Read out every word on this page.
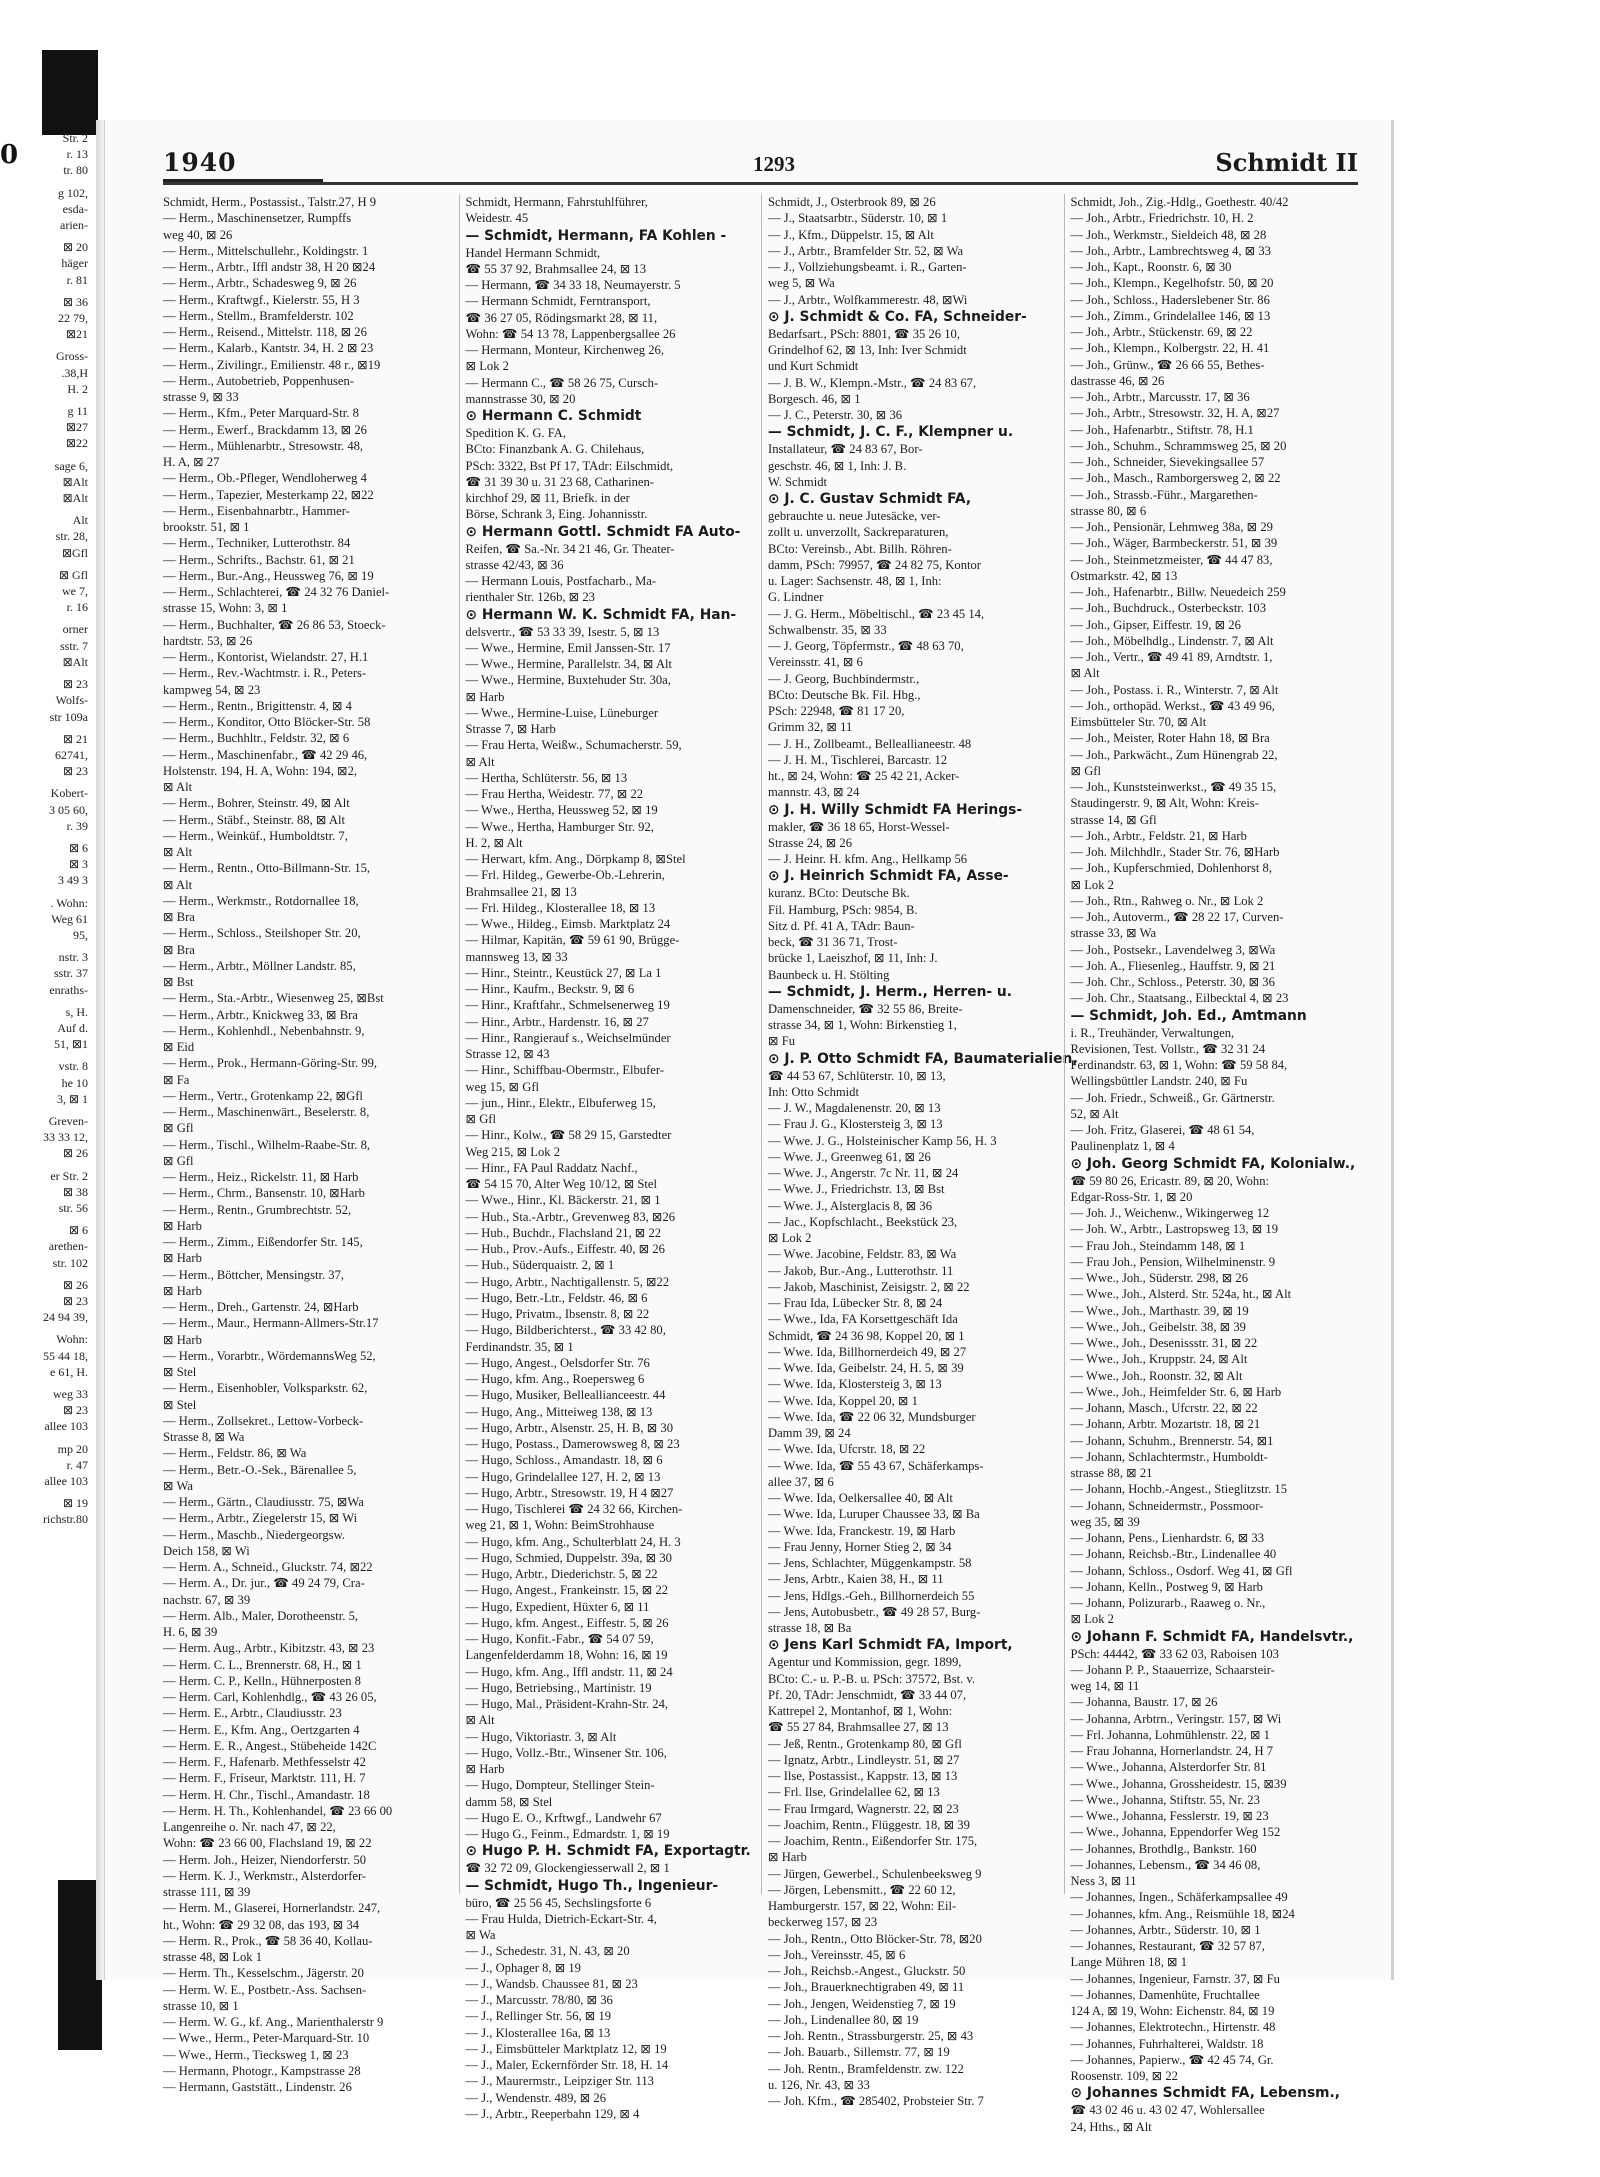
Str. 2
r. 13
tr. 80
g 102,
esda-
arien-
⊠ 20
häger
r. 81
⊠ 36
22 79,
⊠21
Gross-
.38,H
H. 2
g 11
⊠27
⊠22
sage 6,
⊠Alt
⊠Alt
Alt
str. 28,
⊠Gfl
⊠ Gfl
we 7,
r. 16
orner
sstr. 7
⊠Alt
⊠ 23
Wolfs-
str 109a
⊠ 21
62741,
⊠ 23
Kobert-
3 05 60,
r. 39
⊠ 6
⊠ 3
3 49 3
. Wohn:
Weg 61
95,
nstr. 3
sstr. 37
enraths-
s, H.
Auf d.
51, ⊠1
vstr. 8
he 10
3, ⊠ 1
Greven-
33 33 12,
⊠ 26
er Str. 2
⊠ 38
str. 56
⊠ 6
arethen-
str. 102
⊠ 26
⊠ 23
24 94 39,
Wohn:
55 44 18,
e 61, H.
weg 33
⊠ 23
allee 103
mp 20
r. 47
allee 103
⊠ 19
richstr.80
0	1940	1293	Schmidt II
Schmidt, Herm., Postassist., Talstr.27, H 9
— Herm., Maschinensetzer, Rumpffs
weg 40, ⊠ 26
— Herm., Mittelschullehr., Koldingstr. 1
— Herm., Arbtr., Iffl andstr 38, H 20 ⊠24
— Herm., Arbtr., Schadesweg 9, ⊠ 26
— Herm., Kraftwgf., Kielerstr. 55, H 3
— Herm., Stellm., Bramfelderstr. 102
— Herm., Reisend., Mittelstr. 118, ⊠ 26
— Herm., Kalarb., Kantstr. 34, H. 2 ⊠ 23
— Herm., Zivilingr., Emilienstr. 48 r., ⊠19
— Herm., Autobetrieb, Poppenhusen-
strasse 9, ⊠ 33
— Herm., Kfm., Peter Marquard-Str. 8
— Herm., Ewerf., Brackdamm 13, ⊠ 26
— Herm., Mühlenarbtr., Stresowstr. 48,
H. A, ⊠ 27
— Herm., Ob.-Pfleger, Wendloherweg 4
— Herm., Tapezier, Mesterkamp 22, ⊠22
— Herm., Eisenbahnarbtr., Hammer-
brookstr. 51, ⊠ 1
— Herm., Techniker, Lutterothstr. 84
— Herm., Schrifts., Bachstr. 61, ⊠ 21
— Herm., Bur.-Ang., Heussweg 76, ⊠ 19
— Herm., Schlachterei, ☎ 24 32 76 Daniel-
strasse 15, Wohn: 3, ⊠ 1
— Herm., Buchhalter, ☎ 26 86 53, Stoeck-
hardtstr. 53, ⊠ 26
— Herm., Kontorist, Wielandstr. 27, H.1
— Herm., Rev.-Wachtmstr. i. R., Peters-
kampweg 54, ⊠ 23
— Herm., Rentn., Brigittenstr. 4, ⊠ 4
— Herm., Konditor, Otto Blöcker-Str. 58
— Herm., Buchhltr., Feldstr. 32, ⊠ 6
— Herm., Maschinenfabr., ☎ 42 29 46,
Holstenstr. 194, H. A, Wohn: 194, ⊠2,
⊠ Alt
— Herm., Bohrer, Steinstr. 49, ⊠ Alt
— Herm., Stäbf., Steinstr. 88, ⊠ Alt
— Herm., Weinküf., Humboldtstr. 7,
⊠ Alt
— Herm., Rentn., Otto-Billmann-Str. 15,
⊠ Alt
— Herm., Werkmstr., Rotdornallee 18,
⊠ Bra
— Herm., Schloss., Steilshoper Str. 20,
⊠ Bra
— Herm., Arbtr., Möllner Landstr. 85,
⊠ Bst
— Herm., Sta.-Arbtr., Wiesenweg 25, ⊠Bst
— Herm., Arbtr., Knickweg 33, ⊠ Bra
— Herm., Kohlenhdl., Nebenbahnstr. 9,
⊠ Eid
— Herm., Prok., Hermann-Göring-Str. 99,
⊠ Fa
— Herm., Vertr., Grotenkamp 22, ⊠Gfl
— Herm., Maschinenwärt., Beselerstr. 8,
⊠ Gfl
— Herm., Tischl., Wilhelm-Raabe-Str. 8,
⊠ Gfl
— Herm., Heiz., Rickelstr. 11, ⊠ Harb
— Herm., Chrm., Bansenstr. 10, ⊠Harb
— Herm., Rentn., Grumbrechtstr. 52,
⊠ Harb
— Herm., Zimm., Eißendorfer Str. 145,
⊠ Harb
— Herm., Böttcher, Mensingstr. 37,
⊠ Harb
— Herm., Dreh., Gartenstr. 24, ⊠Harb
— Herm., Maur., Hermann-Allmers-Str.17
⊠ Harb
— Herm., Vorarbtr., WördemannsWeg 52,
⊠ Stel
— Herm., Eisenhobler, Volksparkstr. 62,
⊠ Stel
— Herm., Zollsekret., Lettow-Vorbeck-
Strasse 8, ⊠ Wa
— Herm., Feldstr. 86, ⊠ Wa
— Herm., Betr.-O.-Sek., Bärenallee 5,
⊠ Wa
— Herm., Gärtn., Claudiusstr. 75, ⊠Wa
— Herm., Arbtr., Ziegelerstr 15, ⊠ Wi
— Herm., Maschb., Niedergeorgsw.
Deich 158, ⊠ Wi
— Herm. A., Schneid., Gluckstr. 74, ⊠22
— Herm. A., Dr. jur., ☎ 49 24 79, Cra-
nachstr. 67, ⊠ 39
— Herm. Alb., Maler, Dorotheenstr. 5,
H. 6, ⊠ 39
— Herm. Aug., Arbtr., Kibitzstr. 43, ⊠ 23
— Herm. C. L., Brennerstr. 68, H., ⊠ 1
— Herm. C. P., Kelln., Hühnerposten 8
— Herm. Carl, Kohlenhdlg., ☎ 43 26 05,
— Herm. E., Arbtr., Claudiusstr. 23
— Herm. E., Kfm. Ang., Oertzgarten 4
— Herm. E. R., Angest., Stübeheide 142C
— Herm. F., Hafenarb. Methfesselstr 42
— Herm. F., Friseur, Marktstr. 111, H. 7
— Herm. H. Chr., Tischl., Amandastr. 18
— Herm. H. Th., Kohlenhandel, ☎ 23 66 00
Langenreihe o. Nr. nach 47, ⊠ 22,
Wohn: ☎ 23 66 00, Flachsland 19, ⊠ 22
— Herm. Joh., Heizer, Niendorferstr. 50
— Herm. K. J., Werkmstr., Alsterdorfer-
strasse 111, ⊠ 39
— Herm. M., Glaserei, Hornerlandstr. 247,
ht., Wohn: ☎ 29 32 08, das 193, ⊠ 34
— Herm. R., Prok., ☎ 58 36 40, Kollau-
strasse 48, ⊠ Lok 1
— Herm. Th., Kesselschm., Jägerstr. 20
— Herm. W. E., Postbetr.-Ass. Sachsen-
strasse 10, ⊠ 1
— Herm. W. G., kf. Ang., Marienthalerstr 9
— Wwe., Herm., Peter-Marquard-Str. 10
— Wwe., Herm., Tiecksweg 1, ⊠ 23
— Hermann, Photogr., Kampstrasse 28
— Hermann, Gaststätt., Lindenstr. 26
Schmidt, Hermann, Fahrstuhlführer,
Weidestr. 45
— Schmidt, Hermann, FA Kohlen -
Handel Hermann Schmidt,
☎ 55 37 92, Brahmsallee 24, ⊠ 13
— Hermann, ☎ 34 33 18, Neumayerstr. 5
— Hermann Schmidt, Ferntransport,
☎ 36 27 05, Rödingsmarkt 28, ⊠ 11,
Wohn: ☎ 54 13 78, Lappenbergsallee 26
— Hermann, Monteur, Kirchenweg 26,
⊠ Lok 2
— Hermann C., ☎ 58 26 75, Cursch-
mannstrasse 30, ⊠ 20
⊙ Hermann C. Schmidt
Spedition K. G. FA,
BCto: Finanzbank A. G. Chilehaus,
PSch: 3322, Bst Pf 17, TAdr: Eilschmidt,
☎ 31 39 30 u. 31 23 68, Catharinen-
kirchhof 29, ⊠ 11, Briefk. in der
Börse, Schrank 3, Eing. Johannisstr.
⊙ Hermann Gottl. Schmidt FA Auto-
Reifen, ☎ Sa.-Nr. 34 21 46, Gr. Theater-
strasse 42/43, ⊠ 36
— Hermann Louis, Postfacharb., Ma-
rienthaler Str. 126b, ⊠ 23
⊙ Hermann W. K. Schmidt FA, Han-
delsvertr., ☎ 53 33 39, Isestr. 5, ⊠ 13
— Wwe., Hermine, Emil Janssen-Str. 17
— Wwe., Hermine, Parallelstr. 34, ⊠ Alt
— Wwe., Hermine, Buxtehuder Str. 30a,
⊠ Harb
— Wwe., Hermine-Luise, Lüneburger
Strasse 7, ⊠ Harb
— Frau Herta, Weißw., Schumacherstr. 59,
⊠ Alt
— Hertha, Schlüterstr. 56, ⊠ 13
— Frau Hertha, Weidestr. 77, ⊠ 22
— Wwe., Hertha, Heussweg 52, ⊠ 19
— Wwe., Hertha, Hamburger Str. 92,
H. 2, ⊠ Alt
— Herwart, kfm. Ang., Dörpkamp 8, ⊠Stel
— Frl. Hildeg., Gewerbe-Ob.-Lehrerin,
Brahmsallee 21, ⊠ 13
— Frl. Hildeg., Klosterallee 18, ⊠ 13
— Wwe., Hildeg., Eimsb. Marktplatz 24
— Hilmar, Kapitän, ☎ 59 61 90, Brügge-
mannsweg 13, ⊠ 33
— Hinr., Steintr., Keustück 27, ⊠ La 1
— Hinr., Kaufm., Beckstr. 9, ⊠ 6
— Hinr., Kraftfahr., Schmelsenerweg 19
— Hinr., Arbtr., Hardenstr. 16, ⊠ 27
— Hinr., Rangierauf s., Weichselmünder
Strasse 12, ⊠ 43
— Hinr., Schiffbau-Obermstr., Elbufer-
weg 15, ⊠ Gfl
— jun., Hinr., Elektr., Elbuferweg 15,
⊠ Gfl
— Hinr., Kolw., ☎ 58 29 15, Garstedter
Weg 215, ⊠ Lok 2
— Hinr., FA Paul Raddatz Nachf.,
☎ 54 15 70, Alter Weg 10/12, ⊠ Stel
— Wwe., Hinr., Kl. Bäckerstr. 21, ⊠ 1
— Hub., Sta.-Arbtr., Grevenweg 83, ⊠26
— Hub., Buchdr., Flachsland 21, ⊠ 22
— Hub., Prov.-Aufs., Eiffestr. 40, ⊠ 26
— Hub., Süderquaistr. 2, ⊠ 1
— Hugo, Arbtr., Nachtigallenstr. 5, ⊠22
— Hugo, Betr.-Ltr., Feldstr. 46, ⊠ 6
— Hugo, Privatm., Ibsenstr. 8, ⊠ 22
— Hugo, Bildberichterst., ☎ 33 42 80,
Ferdinandstr. 35, ⊠ 1
— Hugo, Angest., Oelsdorfer Str. 76
— Hugo, kfm. Ang., Roepersweg 6
— Hugo, Musiker, Belleallianceestr. 44
— Hugo, Ang., Mitteiweg 138, ⊠ 13
— Hugo, Arbtr., Alsenstr. 25, H. B, ⊠ 30
— Hugo, Postass., Damerowsweg 8, ⊠ 23
— Hugo, Schloss., Amandastr. 18, ⊠ 6
— Hugo, Grindelallee 127, H. 2, ⊠ 13
— Hugo, Arbtr., Stresowstr. 19, H 4 ⊠27
— Hugo, Tischlerei ☎ 24 32 66, Kirchen-
weg 21, ⊠ 1, Wohn: BeimStrohhause
— Hugo, kfm. Ang., Schulterblatt 24, H. 3
— Hugo, Schmied, Duppelstr. 39a, ⊠ 30
— Hugo, Arbtr., Diederichstr. 5, ⊠ 22
— Hugo, Angest., Frankeinstr. 15, ⊠ 22
— Hugo, Expedient, Hüxter 6, ⊠ 11
— Hugo, kfm. Angest., Eiffestr. 5, ⊠ 26
— Hugo, Konfit.-Fabr., ☎ 54 07 59,
Langenfelderdamm 18, Wohn: 16, ⊠ 19
— Hugo, kfm. Ang., Iffl andstr. 11, ⊠ 24
— Hugo, Betriebsing., Martinistr. 19
— Hugo, Mal., Präsident-Krahn-Str. 24,
⊠ Alt
— Hugo, Viktoriastr. 3, ⊠ Alt
— Hugo, Vollz.-Btr., Winsener Str. 106,
⊠ Harb
— Hugo, Dompteur, Stellinger Stein-
damm 58, ⊠ Stel
— Hugo E. O., Krftwgf., Landwehr 67
— Hugo G., Feinm., Edmardstr. 1, ⊠ 19
⊙ Hugo P. H. Schmidt FA, Exportagtr.
☎ 32 72 09, Glockengiesserwall 2, ⊠ 1
— Schmidt, Hugo Th., Ingenieur-
büro, ☎ 25 56 45, Sechslingsforte 6
— Frau Hulda, Dietrich-Eckart-Str. 4,
⊠ Wa
— J., Schedestr. 31, N. 43, ⊠ 20
— J., Ophager 8, ⊠ 19
— J., Wandsb. Chaussee 81, ⊠ 23
— J., Marcusstr. 78/80, ⊠ 36
— J., Rellinger Str. 56, ⊠ 19
— J., Klosterallee 16a, ⊠ 13
— J., Eimsbütteler Marktplatz 12, ⊠ 19
— J., Maler, Eckernförder Str. 18, H. 14
— J., Maurermstr., Leipziger Str. 113
— J., Wendenstr. 489, ⊠ 26
— J., Arbtr., Reeperbahn 129, ⊠ 4
Schmidt, J., Osterbrook 89, ⊠ 26
— J., Staatsarbtr., Süderstr. 10, ⊠ 1
— J., Kfm., Düppelstr. 15, ⊠ Alt
— J., Arbtr., Bramfelder Str. 52, ⊠ Wa
— J., Vollziehungsbeamt. i. R., Garten-
weg 5, ⊠ Wa
— J., Arbtr., Wolfkammerestr. 48, ⊠Wi
⊙ J. Schmidt & Co. FA, Schneider-
Bedarfsart., PSch: 8801, ☎ 35 26 10,
Grindelhof 62, ⊠ 13, Inh: Iver Schmidt
und Kurt Schmidt
— J. B. W., Klempn.-Mstr., ☎ 24 83 67,
Borgesch. 46, ⊠ 1
— J. C., Peterstr. 30, ⊠ 36
— Schmidt, J. C. F., Klempner u.
Installateur, ☎ 24 83 67, Bor-
geschstr. 46, ⊠ 1, Inh: J. B.
W. Schmidt
⊙ J. C. Gustav Schmidt FA,
gebrauchte u. neue Jutesäcke, ver-
zollt u. unverzollt, Sackreparaturen,
BCto: Vereinsb., Abt. Billh. Röhren-
damm, PSch: 79957, ☎ 24 82 75, Kontor
u. Lager: Sachsenstr. 48, ⊠ 1, Inh:
G. Lindner
— J. G. Herm., Möbeltischl., ☎ 23 45 14,
Schwalbenstr. 35, ⊠ 33
— J. Georg, Töpfermstr., ☎ 48 63 70,
Vereinsstr. 41, ⊠ 6
— J. Georg, Buchbindermstr.,
BCto: Deutsche Bk. Fil. Hbg.,
PSch: 22948, ☎ 81 17 20,
Grimm 32, ⊠ 11
— J. H., Zollbeamt., Belleallianeestr. 48
— J. H. M., Tischlerei, Barcastr. 12
ht., ⊠ 24, Wohn: ☎ 25 42 21, Acker-
mannstr. 43, ⊠ 24
⊙ J. H. Willy Schmidt FA Herings-
makler, ☎ 36 18 65, Horst-Wessel-
Strasse 24, ⊠ 26
— J. Heinr. H. kfm. Ang., Hellkamp 56
⊙ J. Heinrich Schmidt FA, Asse-
kuranz. BCto: Deutsche Bk.
Fil. Hamburg, PSch: 9854, B.
Sitz d. Pf. 41 A, TAdr: Baun-
beck, ☎ 31 36 71, Trost-
brücke 1, Laeiszhof, ⊠ 11, Inh: J.
Baunbeck u. H. Stölting
— Schmidt, J. Herm., Herren- u.
Damenschneider, ☎ 32 55 86, Breite-
strasse 34, ⊠ 1, Wohn: Birkenstieg 1,
⊠ Fu
⊙ J. P. Otto Schmidt FA, Baumaterialien,
☎ 44 53 67, Schlüterstr. 10, ⊠ 13,
Inh: Otto Schmidt
— J. W., Magdalenenstr. 20, ⊠ 13
— Frau J. G., Klostersteig 3, ⊠ 13
— Wwe. J. G., Holsteinischer Kamp 56, H. 3
— Wwe. J., Greenweg 61, ⊠ 26
— Wwe. J., Angerstr. 7c Nr. 11, ⊠ 24
— Wwe. J., Friedrichstr. 13, ⊠ Bst
— Wwe. J., Alsterglacis 8, ⊠ 36
— Jac., Kopfschlacht., Beekstück 23,
⊠ Lok 2
— Wwe. Jacobine, Feldstr. 83, ⊠ Wa
— Jakob, Bur.-Ang., Lutterothstr. 11
— Jakob, Maschinist, Zeisigstr. 2, ⊠ 22
— Frau Ida, Lübecker Str. 8, ⊠ 24
— Wwe., Ida, FA Korsettgeschäft Ida
Schmidt, ☎ 24 36 98, Koppel 20, ⊠ 1
— Wwe. Ida, Billhornerdeich 49, ⊠ 27
— Wwe. Ida, Geibelstr. 24, H. 5, ⊠ 39
— Wwe. Ida, Klostersteig 3, ⊠ 13
— Wwe. Ida, Koppel 20, ⊠ 1
— Wwe. Ida, ☎ 22 06 32, Mundsburger
Damm 39, ⊠ 24
— Wwe. Ida, Ufcrstr. 18, ⊠ 22
— Wwe. Ida, ☎ 55 43 67, Schäferkamps-
allee 37, ⊠ 6
— Wwe. Ida, Oelkersallee 40, ⊠ Alt
— Wwe. Ida, Luruper Chaussee 33, ⊠ Ba
— Wwe. Ida, Franckestr. 19, ⊠ Harb
— Frau Jenny, Horner Stieg 2, ⊠ 34
— Jens, Schlachter, Müggenkampstr. 58
— Jens, Arbtr., Kaien 38, H., ⊠ 11
— Jens, Hdlgs.-Geh., Billhornerdeich 55
— Jens, Autobusbetr., ☎ 49 28 57, Burg-
strasse 18, ⊠ Ba
⊙ Jens Karl Schmidt FA, Import,
Agentur und Kommission, gegr. 1899,
BCto: C.- u. P.-B. u. PSch: 37572, Bst. v.
Pf. 20, TAdr: Jenschmidt, ☎ 33 44 07,
Kattrepel 2, Montanhof, ⊠ 1, Wohn:
☎ 55 27 84, Brahmsallee 27, ⊠ 13
— Jeß, Rentn., Grotenkamp 80, ⊠ Gfl
— Ignatz, Arbtr., Lindleystr. 51, ⊠ 27
— Ilse, Postassist., Kappstr. 13, ⊠ 13
— Frl. Ilse, Grindelallee 62, ⊠ 13
— Frau Irmgard, Wagnerstr. 22, ⊠ 23
— Joachim, Rentn., Flüggestr. 18, ⊠ 39
— Joachim, Rentn., Eißendorfer Str. 175,
⊠ Harb
— Jürgen, Gewerbel., Schulenbeeksweg 9
— Jörgen, Lebensmitt., ☎ 22 60 12,
Hamburgerstr. 157, ⊠ 22, Wohn: Eil-
beckerweg 157, ⊠ 23
— Joh., Rentn., Otto Blöcker-Str. 78, ⊠20
— Joh., Vereinsstr. 45, ⊠ 6
— Joh., Reichsb.-Angest., Gluckstr. 50
— Joh., Brauerknechtigraben 49, ⊠ 11
— Joh., Jengen, Weidenstieg 7, ⊠ 19
— Joh., Lindenallee 80, ⊠ 19
— Joh. Rentn., Strassburgerstr. 25, ⊠ 43
— Joh. Bauarb., Sillemstr. 77, ⊠ 19
— Joh. Rentn., Bramfeldenstr. zw. 122
u. 126, Nr. 43, ⊠ 33
— Joh. Kfm., ☎ 285402, Probsteier Str. 7
Schmidt, Joh., Zig.-Hdlg., Goethestr. 40/42
— Joh., Arbtr., Friedrichstr. 10, H. 2
— Joh., Werkmstr., Sieldeich 48, ⊠ 28
— Joh., Arbtr., Lambrechtsweg 4, ⊠ 33
— Joh., Kapt., Roonstr. 6, ⊠ 30
— Joh., Klempn., Kegelhofstr. 50, ⊠ 20
— Joh., Schloss., Haderslebener Str. 86
— Joh., Zimm., Grindelallee 146, ⊠ 13
— Joh., Arbtr., Stückenstr. 69, ⊠ 22
— Joh., Klempn., Kolbergstr. 22, H. 41
— Joh., Grünw., ☎ 26 66 55, Bethes-
dastrasse 46, ⊠ 26
— Joh., Arbtr., Marcusstr. 17, ⊠ 36
— Joh., Arbtr., Stresowstr. 32, H. A, ⊠27
— Joh., Hafenarbtr., Stiftstr. 78, H.1
— Joh., Schuhm., Schrammsweg 25, ⊠ 20
— Joh., Schneider, Sievekingsallee 57
— Joh., Masch., Ramborgersweg 2, ⊠ 22
— Joh., Strassb.-Führ., Margarethen-
strasse 80, ⊠ 6
— Joh., Pensionär, Lehmweg 38a, ⊠ 29
— Joh., Wäger, Barmbeckerstr. 51, ⊠ 39
— Joh., Steinmetzmeister, ☎ 44 47 83,
Ostmarkstr. 42, ⊠ 13
— Joh., Hafenarbtr., Billw. Neuedeich 259
— Joh., Buchdruck., Osterbeckstr. 103
— Joh., Gipser, Eiffestr. 19, ⊠ 26
— Joh., Möbelhdlg., Lindenstr. 7, ⊠ Alt
— Joh., Vertr., ☎ 49 41 89, Arndtstr. 1,
⊠ Alt
— Joh., Postass. i. R., Winterstr. 7, ⊠ Alt
— Joh., orthopäd. Werkst., ☎ 43 49 96,
Eimsbütteler Str. 70, ⊠ Alt
— Joh., Meister, Roter Hahn 18, ⊠ Bra
— Joh., Parkwächt., Zum Hünengrab 22,
⊠ Gfl
— Joh., Kunststeinwerkst., ☎ 49 35 15,
Staudingerstr. 9, ⊠ Alt, Wohn: Kreis-
strasse 14, ⊠ Gfl
— Joh., Arbtr., Feldstr. 21, ⊠ Harb
— Joh. Milchhdlr., Stader Str. 76, ⊠Harb
— Joh., Kupferschmied, Dohlenhorst 8,
⊠ Lok 2
— Joh., Rtn., Rahweg o. Nr., ⊠ Lok 2
— Joh., Autoverm., ☎ 28 22 17, Curven-
strasse 33, ⊠ Wa
— Joh., Postsekr., Lavendelweg 3, ⊠Wa
— Joh. A., Fliesenleg., Hauffstr. 9, ⊠ 21
— Joh. Chr., Schloss., Peterstr. 30, ⊠ 36
— Joh. Chr., Staatsang., Eilbecktal 4, ⊠ 23
— Schmidt, Joh. Ed., Amtmann
i. R., Treuhänder, Verwaltungen,
Revisionen, Test. Vollstr., ☎ 32 31 24
Ferdinandstr. 63, ⊠ 1, Wohn: ☎ 59 58 84,
Wellingsbüttler Landstr. 240, ⊠ Fu
— Joh. Friedr., Schweiß., Gr. Gärtnerstr.
52, ⊠ Alt
— Joh. Fritz, Glaserei, ☎ 48 61 54,
Paulinenplatz 1, ⊠ 4
⊙ Joh. Georg Schmidt FA, Kolonialw.,
☎ 59 80 26, Ericastr. 89, ⊠ 20, Wohn:
Edgar-Ross-Str. 1, ⊠ 20
— Joh. J., Weichenw., Wikingerweg 12
— Joh. W., Arbtr., Lastropsweg 13, ⊠ 19
— Frau Joh., Steindamm 148, ⊠ 1
— Frau Joh., Pension, Wilhelminenstr. 9
— Wwe., Joh., Süderstr. 298, ⊠ 26
— Wwe., Joh., Alsterd. Str. 524a, ht., ⊠ Alt
— Wwe., Joh., Marthastr. 39, ⊠ 19
— Wwe., Joh., Geibelstr. 38, ⊠ 39
— Wwe., Joh., Desenissstr. 31, ⊠ 22
— Wwe., Joh., Kruppstr. 24, ⊠ Alt
— Wwe., Joh., Roonstr. 32, ⊠ Alt
— Wwe., Joh., Heimfelder Str. 6, ⊠ Harb
— Johann, Masch., Ufcrstr. 22, ⊠ 22
— Johann, Arbtr. Mozartstr. 18, ⊠ 21
— Johann, Schuhm., Brennerstr. 54, ⊠1
— Johann, Schlachtermstr., Humboldt-
strasse 88, ⊠ 21
— Johann, Hochb.-Angest., Stieglitzstr. 15
— Johann, Schneidermstr., Possmoor-
weg 35, ⊠ 39
— Johann, Pens., Lienhardstr. 6, ⊠ 33
— Johann, Reichsb.-Btr., Lindenallee 40
— Johann, Schloss., Osdorf. Weg 41, ⊠ Gfl
— Johann, Kelln., Postweg 9, ⊠ Harb
— Johann, Polizurarb., Raaweg o. Nr.,
⊠ Lok 2
⊙ Johann F. Schmidt FA, Handelsvtr.,
PSch: 44442, ☎ 33 62 03, Raboisen 103
— Johann P. P., Staauerrize, Schaarsteir-
weg 14, ⊠ 11
— Johanna, Baustr. 17, ⊠ 26
— Johanna, Arbtrn., Veringstr. 157, ⊠ Wi
— Frl. Johanna, Lohmühlenstr. 22, ⊠ 1
— Frau Johanna, Hornerlandstr. 24, H 7
— Wwe., Johanna, Alsterdorfer Str. 81
— Wwe., Johanna, Grossheidestr. 15, ⊠39
— Wwe., Johanna, Stiftstr. 55, Nr. 23
— Wwe., Johanna, Fesslerstr. 19, ⊠ 23
— Wwe., Johanna, Eppendorfer Weg 152
— Johannes, Brothdlg., Bankstr. 160
— Johannes, Lebensm., ☎ 34 46 08,
Ness 3, ⊠ 11
— Johannes, Ingen., Schäferkampsallee 49
— Johannes, kfm. Ang., Reismühle 18, ⊠24
— Johannes, Arbtr., Süderstr. 10, ⊠ 1
— Johannes, Restaurant, ☎ 32 57 87,
Lange Mühren 18, ⊠ 1
— Johannes, Ingenieur, Farnstr. 37, ⊠ Fu
— Johannes, Damenhüte, Fruchtallee
124 A, ⊠ 19, Wohn: Eichenstr. 84, ⊠ 19
— Johannes, Elektrotechn., Hirtenstr. 48
— Johannes, Fuhrhalterei, Waldstr. 18
— Johannes, Papierw., ☎ 42 45 74, Gr.
Roosenstr. 109, ⊠ 22
⊙ Johannes Schmidt FA, Lebensm.,
☎ 43 02 46 u. 43 02 47, Wohlersallee
24, Hths., ⊠ Alt
